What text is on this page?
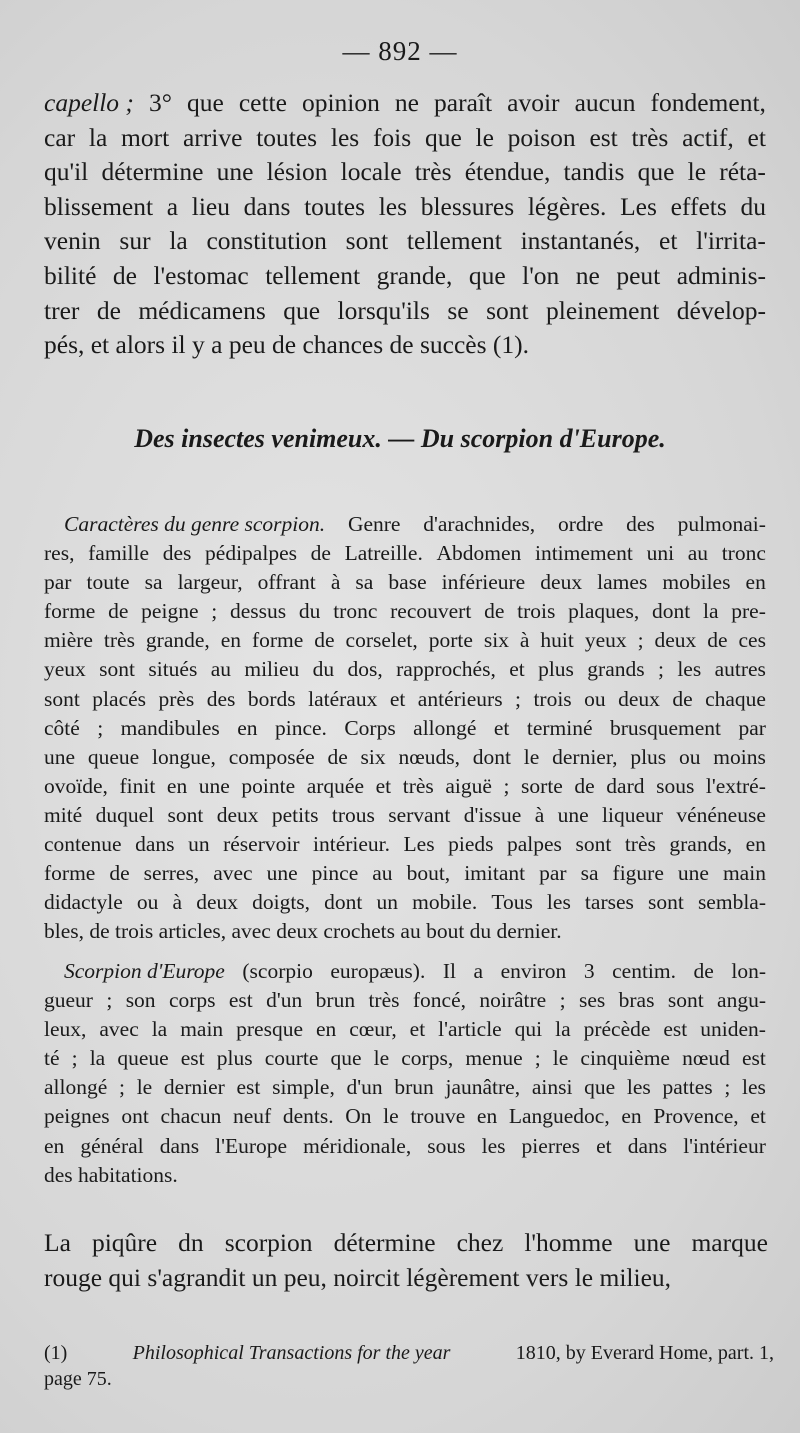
— 892 —
capello ; 3° que cette opinion ne paraît avoir aucun fondement,
car la mort arrive toutes les fois que le poison est très actif, et
qu'il détermine une lésion locale très étendue, tandis que le réta-
blissement a lieu dans toutes les blessures légères. Les effets du
venin sur la constitution sont tellement instantanés, et l'irrita-
bilité de l'estomac tellement grande, que l'on ne peut adminis-
trer de médicamens que lorsqu'ils se sont pleinement dévelop-
pés, et alors il y a peu de chances de succès (1).
Des insectes venimeux. — Du scorpion d'Europe.
Caractères du genre scorpion. Genre d'arachnides, ordre des pulmonai-
res, famille des pédipalpes de Latreille. Abdomen intimement uni au tronc
par toute sa largeur, offrant à sa base inférieure deux lames mobiles en
forme de peigne ; dessus du tronc recouvert de trois plaques, dont la pre-
mière très grande, en forme de corselet, porte six à huit yeux ; deux de ces
yeux sont situés au milieu du dos, rapprochés, et plus grands ; les autres
sont placés près des bords latéraux et antérieurs ; trois ou deux de chaque
côté ; mandibules en pince. Corps allongé et terminé brusquement par
une queue longue, composée de six nœuds, dont le dernier, plus ou moins
ovoïde, finit en une pointe arquée et très aiguë ; sorte de dard sous l'extré-
mité duquel sont deux petits trous servant d'issue à une liqueur vénéneuse
contenue dans un réservoir intérieur. Les pieds palpes sont très grands, en
forme de serres, avec une pince au bout, imitant par sa figure une main
didactyle ou à deux doigts, dont un mobile. Tous les tarses sont sembla-
bles, de trois articles, avec deux crochets au bout du dernier.
Scorpion d'Europe (scorpio europæus). Il a environ 3 centim. de lon-
gueur ; son corps est d'un brun très foncé, noirâtre ; ses bras sont angu-
leux, avec la main presque en cœur, et l'article qui la précède est uniden-
té ; la queue est plus courte que le corps, menue ; le cinquième nœud est
allongé ; le dernier est simple, d'un brun jaunâtre, ainsi que les pattes ; les
peignes ont chacun neuf dents. On le trouve en Languedoc, en Provence, et
en général dans l'Europe méridionale, sous les pierres et dans l'intérieur
des habitations.
La piqûre dn scorpion détermine chez l'homme une marque
rouge qui s'agrandit un peu, noircit légèrement vers le milieu,
(1)	Philosophical Transactions for the year	1810, by Everard Home, part. 1,
page 75.
